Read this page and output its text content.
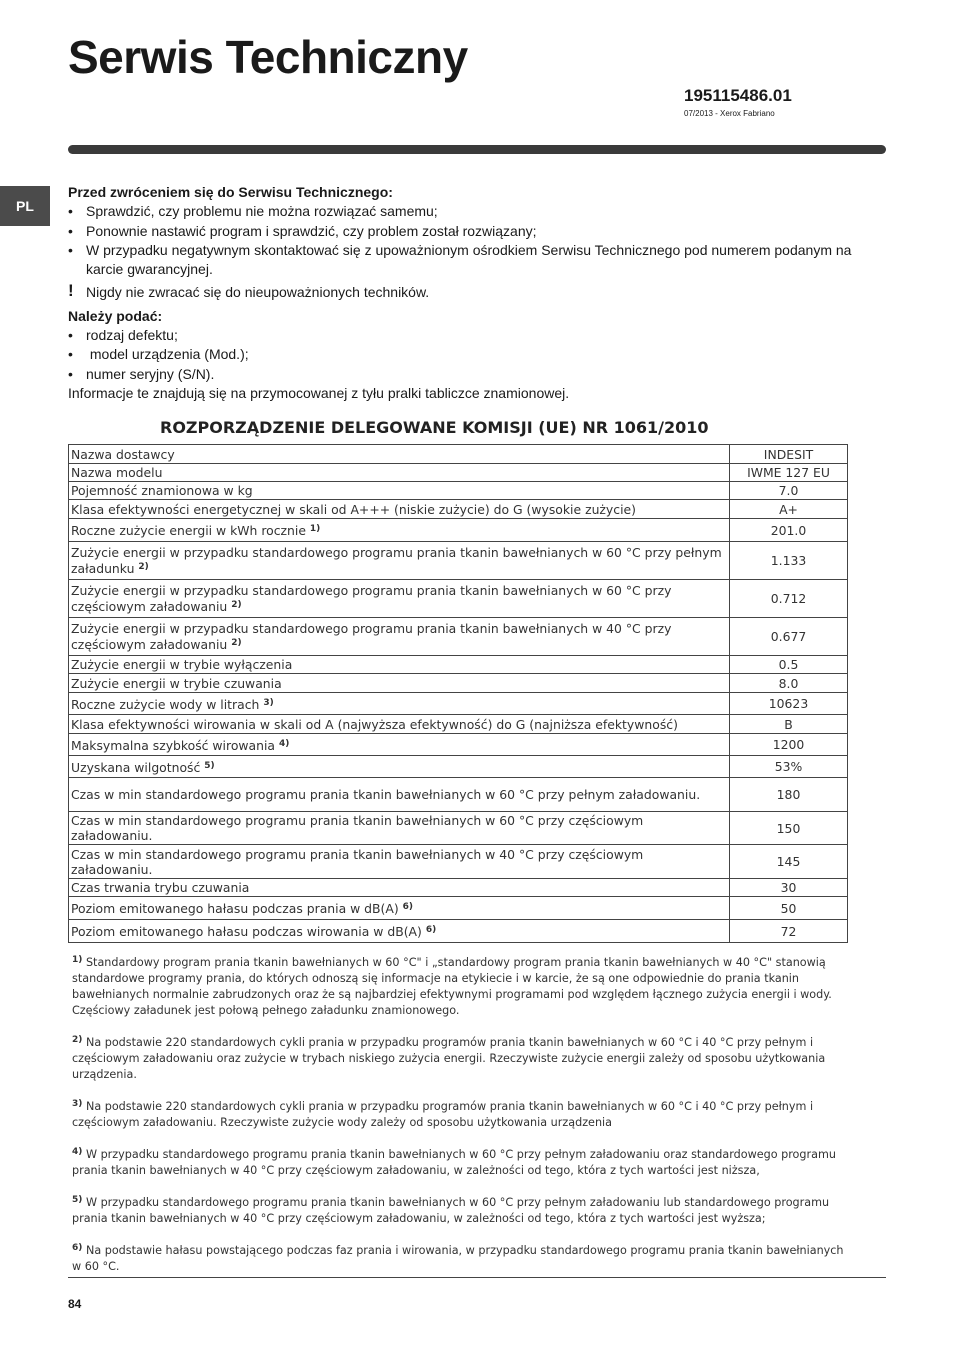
Serwis Techniczny
195115486.01
07/2013 - Xerox Fabriano
PL
Przed zwróceniem się do Serwisu Technicznego:
• Sprawdzić, czy problemu nie można rozwiązać samemu;
• Ponownie nastawić program i sprawdzić, czy problem został rozwiązany;
• W przypadku negatywnym skontaktować się z upoważnionym ośrodkiem Serwisu Technicznego pod numerem podanym na karcie gwarancyjnej.
! Nigdy nie zwracać się do nieupoważnionych techników.
Należy podać:
• rodzaj defektu;
• model urządzenia (Mod.);
• numer seryjny (S/N).
Informacje te znajdują się na przymocowanej z tyłu pralki tabliczce znamionowej.
ROZPORZĄDZENIE DELEGOWANE KOMISJI (UE) NR 1061/2010
Nazwa dostawcy	INDESIT
Nazwa modelu	IWME 127 EU
Pojemność znamionowa w kg	7.0
Klasa efektywności energetycznej w skali od A+++ (niskie zużycie) do G (wysokie zużycie)	A+
Roczne zużycie energii w kWh rocznie $^{1)}$	201.0
Zużycie energii w przypadku standardowego programu prania tkanin bawełnianych w 60 °C przy pełnym załadunku $^{2)}$	1.133
Zużycie energii w przypadku standardowego programu prania tkanin bawełnianych w 60 °C przy częściowym załadowaniu $^{2)}$	0.712
Zużycie energii w przypadku standardowego programu prania tkanin bawełnianych w 40 °C przy częściowym załadowaniu $^{2)}$	0.677
Zużycie energii w trybie wyłączenia	0.5
Zużycie energii w trybie czuwania	8.0
Roczne zużycie wody w litrach $^{3)}$	10623
Klasa efektywności wirowania w skali od A (najwyższa efektywność) do G (najniższa efektywność)	B
Maksymalna szybkość wirowania $^{4)}$	1200
Uzyskana wilgotność $^{5)}$	53%
Czas w min standardowego programu prania tkanin bawełnianych w 60 °C przy pełnym załadowaniu.	180
Czas w min standardowego programu prania tkanin bawełnianych w 60 °C przy częściowym załadowaniu.	150
Czas w min standardowego programu prania tkanin bawełnianych w 40 °C przy częściowym załadowaniu.	145
Czas trwania trybu czuwania	30
Poziom emitowanego hałasu podczas prania w dB(A) $^{6)}$	50
Poziom emitowanego hałasu podczas wirowania w dB(A) $^{6)}$	72
$^{1)}$ Standardowy program prania tkanin bawełnianych w 60 °C" i „standardowy program prania tkanin bawełnianych w 40 °C" stanowią standardowe programy prania, do których odnoszą się informacje na etykiecie i w karcie, że są one odpowiednie do prania tkanin bawełnianych normalnie zabrudzonych oraz że są najbardziej efektywnymi programami pod względem łącznego zużycia energii i wody. Częściowy załadunek jest połową pełnego załadunku znamionowego.
$^{2)}$ Na podstawie 220 standardowych cykli prania w przypadku programów prania tkanin bawełnianych w 60 °C i 40 °C przy pełnym i częściowym załadowaniu oraz zużycie w trybach niskiego zużycia energii. Rzeczywiste zużycie energii zależy od sposobu użytkowania urządzenia.
$^{3)}$ Na podstawie 220 standardowych cykli prania w przypadku programów prania tkanin bawełnianych w 60 °C i 40 °C przy pełnym i częściowym załadowaniu. Rzeczywiste zużycie wody zależy od sposobu użytkowania urządzenia
$^{4)}$ W przypadku standardowego programu prania tkanin bawełnianych w 60 °C przy pełnym załadowaniu oraz standardowego programu prania tkanin bawełnianych w 40 °C przy częściowym załadowaniu, w zależności od tego, która z tych wartości jest niższa,
$^{5)}$ W przypadku standardowego programu prania tkanin bawełnianych w 60 °C przy pełnym załadowaniu lub standardowego programu prania tkanin bawełnianych w 40 °C przy częściowym załadowaniu, w zależności od tego, która z tych wartości jest wyższa;
$^{6)}$ Na podstawie hałasu powstającego podczas faz prania i wirowania, w przypadku standardowego programu prania tkanin bawełnianych w 60 °C.
84
